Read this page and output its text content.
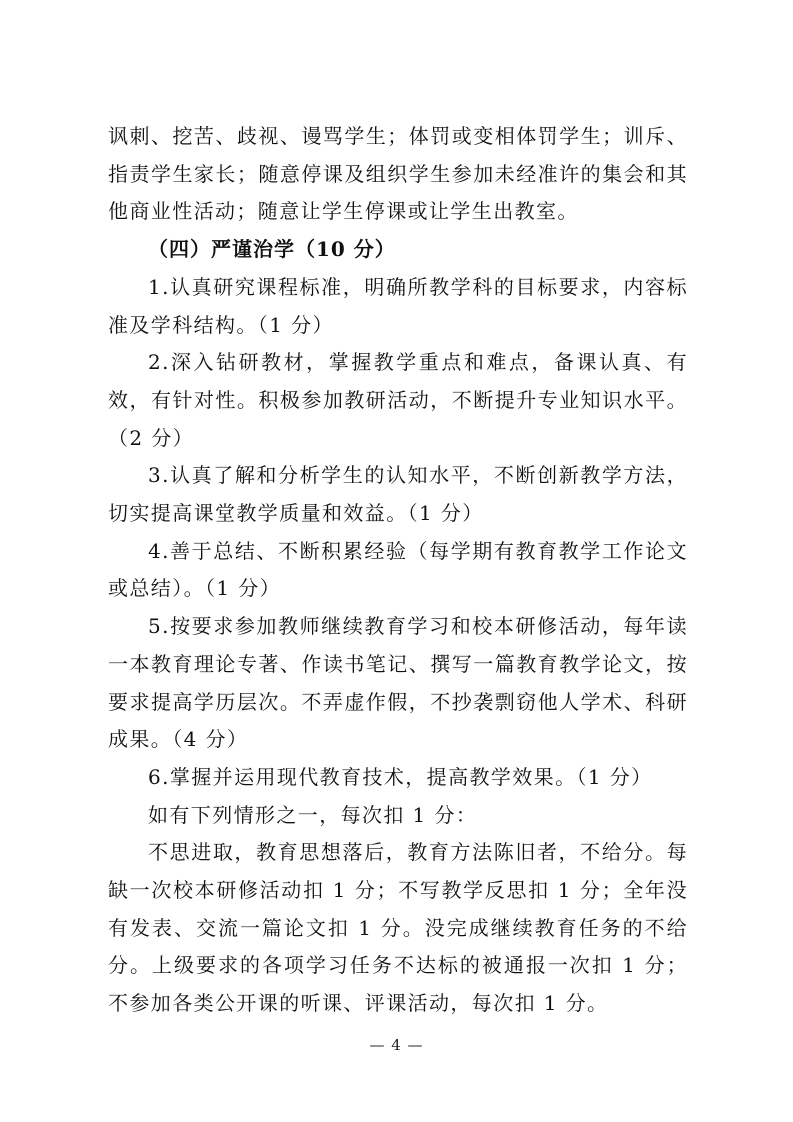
讽刺、挖苦、歧视、谩骂学生；体罚或变相体罚学生；训斥、指责学生家长；随意停课及组织学生参加未经准许的集会和其他商业性活动；随意让学生停课或让学生出教室。

（四）严谨治学（10 分）

1.认真研究课程标准，明确所教学科的目标要求，内容标准及学科结构。（1 分）

2.深入钻研教材，掌握教学重点和难点，备课认真、有效，有针对性。积极参加教研活动，不断提升专业知识水平。（2 分）

3.认真了解和分析学生的认知水平，不断创新教学方法，切实提高课堂教学质量和效益。（1 分）

4.善于总结、不断积累经验（每学期有教育教学工作论文或总结）。（1 分）

5.按要求参加教师继续教育学习和校本研修活动，每年读一本教育理论专著、作读书笔记、撰写一篇教育教学论文，按要求提高学历层次。不弄虚作假，不抄袭剽窃他人学术、科研成果。（4 分）

6.掌握并运用现代教育技术，提高教学效果。（1 分）

如有下列情形之一，每次扣 1 分：

不思进取，教育思想落后，教育方法陈旧者，不给分。每缺一次校本研修活动扣 1 分；不写教学反思扣 1 分；全年没有发表、交流一篇论文扣 1 分。没完成继续教育任务的不给分。上级要求的各项学习任务不达标的被通报一次扣 1 分；不参加各类公开课的听课、评课活动，每次扣 1 分。

— 4 —
